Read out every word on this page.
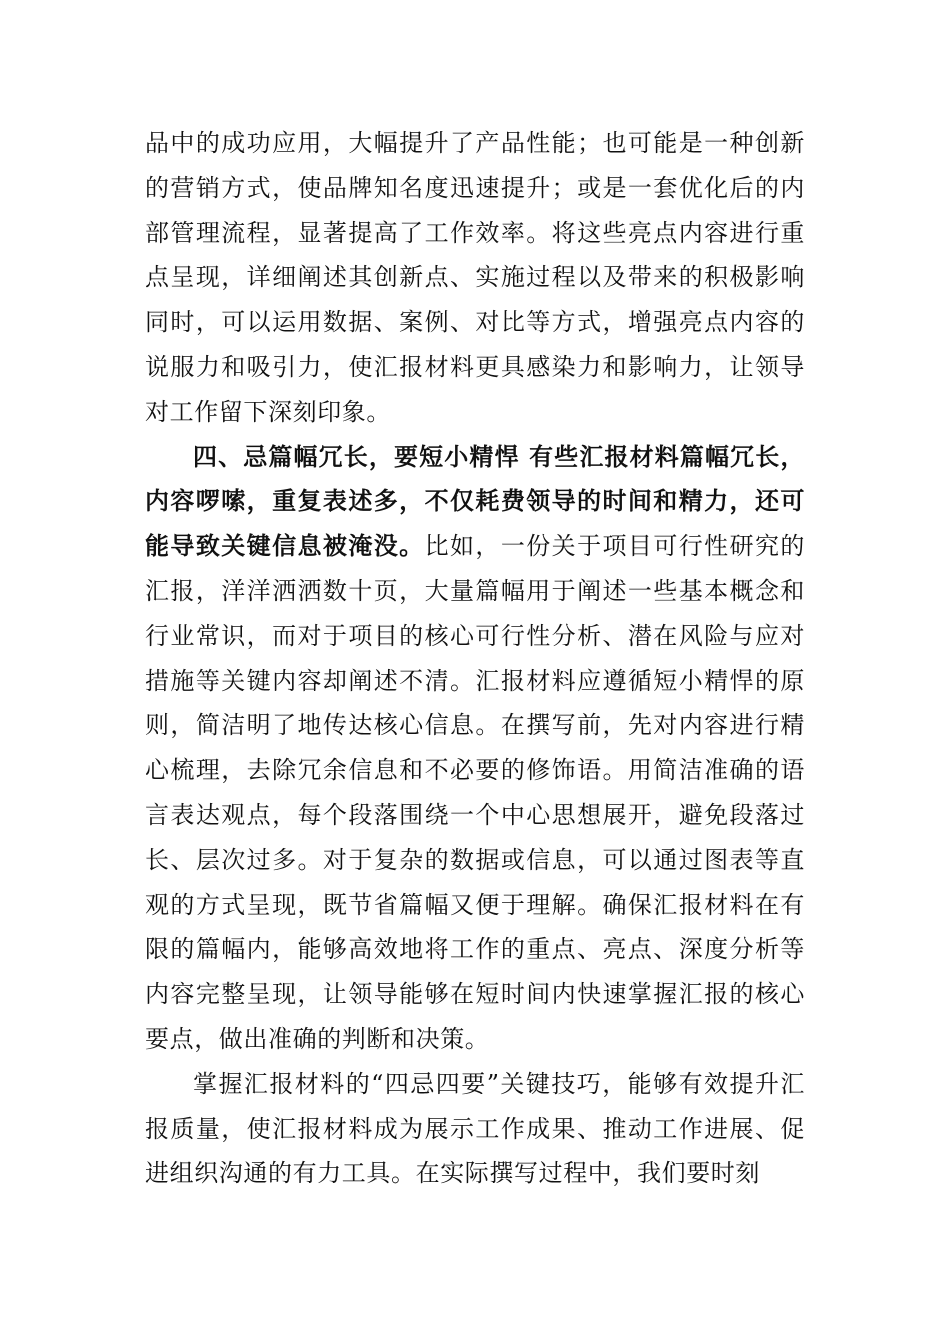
品中的成功应用，大幅提升了产品性能；也可能是一种创新的营销方式，使品牌知名度迅速提升；或是一套优化后的内部管理流程，显著提高了工作效率。将这些亮点内容进行重点呈现，详细阐述其创新点、实施过程以及带来的积极影响同时，可以运用数据、案例、对比等方式，增强亮点内容的说服力和吸引力，使汇报材料更具感染力和影响力，让领导对工作留下深刻印象。

四、忌篇幅冗长，要短小精悍 有些汇报材料篇幅冗长，内容啰嗦，重复表述多，不仅耗费领导的时间和精力，还可能导致关键信息被淹没。比如，一份关于项目可行性研究的汇报，洋洋洒洒数十页，大量篇幅用于阐述一些基本概念和行业常识，而对于项目的核心可行性分析、潜在风险与应对措施等关键内容却阐述不清。汇报材料应遵循短小精悍的原则，简洁明了地传达核心信息。在撰写前，先对内容进行精心梳理，去除冗余信息和不必要的修饰语。用简洁准确的语言表达观点，每个段落围绕一个中心思想展开，避免段落过长、层次过多。对于复杂的数据或信息，可以通过图表等直观的方式呈现，既节省篇幅又便于理解。确保汇报材料在有限的篇幅内，能够高效地将工作的重点、亮点、深度分析等内容完整呈现，让领导能够在短时间内快速掌握汇报的核心要点，做出准确的判断和决策。

掌握汇报材料的“四忌四要”关键技巧，能够有效提升汇报质量，使汇报材料成为展示工作成果、推动工作进展、促进组织沟通的有力工具。在实际撰写过程中，我们要时刻
